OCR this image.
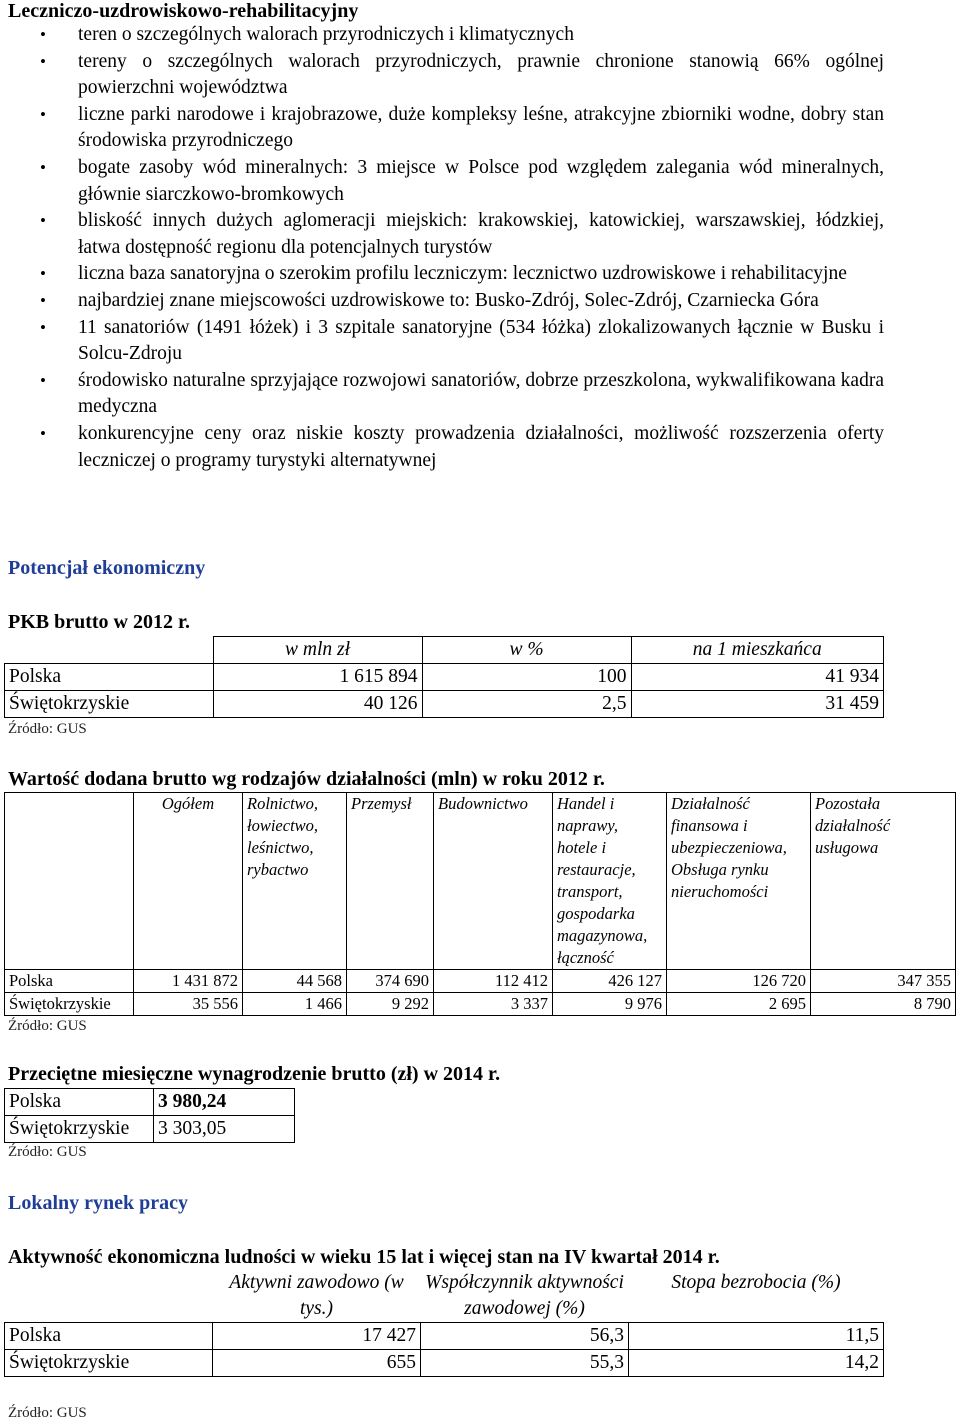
Leczniczo-uzdrowiskowo-rehabilitacyjny
• teren o szczególnych walorach przyrodniczych i klimatycznych
• tereny o szczególnych walorach przyrodniczych, prawnie chronione stanowią 66% ogólnej powierzchni województwa
• liczne parki narodowe i krajobrazowe, duże kompleksy leśne, atrakcyjne zbiorniki wodne, dobry stan środowiska przyrodniczego
• bogate zasoby wód mineralnych: 3 miejsce w Polsce pod względem zalegania wód mineralnych, głównie siarczkowo-bromkowych
• bliskość innych dużych aglomeracji miejskich: krakowskiej, katowickiej, warszawskiej, łódzkiej, łatwa dostępność regionu dla potencjalnych turystów
• liczna baza sanatoryjna o szerokim profilu leczniczym: lecznictwo uzdrowiskowe i rehabilitacyjne
• najbardziej znane miejscowości uzdrowiskowe to: Busko-Zdrój, Solec-Zdrój, Czarniecka Góra
• 11 sanatoriów (1491 łóżek) i 3 szpitale sanatoryjne (534 łóżka) zlokalizowanych łącznie w Busku i Solcu-Zdroju
• środowisko naturalne sprzyjające rozwojowi sanatoriów, dobrze przeszkolona, wykwalifikowana kadra medyczna
• konkurencyjne ceny oraz niskie koszty prowadzenia działalności, możliwość rozszerzenia oferty leczniczej o programy turystyki alternatywnej
Potencjał ekonomiczny
PKB brutto w 2012 r.
	w mln zł	w %	na 1 mieszkańca
Polska	1 615 894	100	41 934
Świętokrzyskie	40 126	2,5	31 459
Źródło: GUS
Wartość dodana brutto wg rodzajów działalności (mln) w roku 2012 r.
	Ogółem	Rolnictwo, łowiectwo, leśnictwo, rybactwo	Przemysł	Budownictwo	Handel i naprawy, hotele i restauracje, transport, gospodarka magazynowa, łączność	Działalność finansowa i ubezpieczeniowa, Obsługa rynku nieruchomości	Pozostała działalność usługowa
Polska	1 431 872	44 568	374 690	112 412	426 127	126 720	347 355
Świętokrzyskie	35 556	1 466	9 292	3 337	9 976	2 695	8 790
Źródło: GUS
Przeciętne miesięczne wynagrodzenie brutto (zł) w 2014 r.
Polska	3 980,24
Świętokrzyskie	3 303,05
Źródło: GUS
Lokalny rynek pracy
Aktywność ekonomiczna ludności w wieku 15 lat i więcej stan na IV kwartał 2014 r.
	Aktywni zawodowo (w tys.)	Współczynnik aktywności zawodowej (%)	Stopa bezrobocia (%)
Polska	17 427	56,3	11,5
Świętokrzyskie	655	55,3	14,2
Źródło: GUS
